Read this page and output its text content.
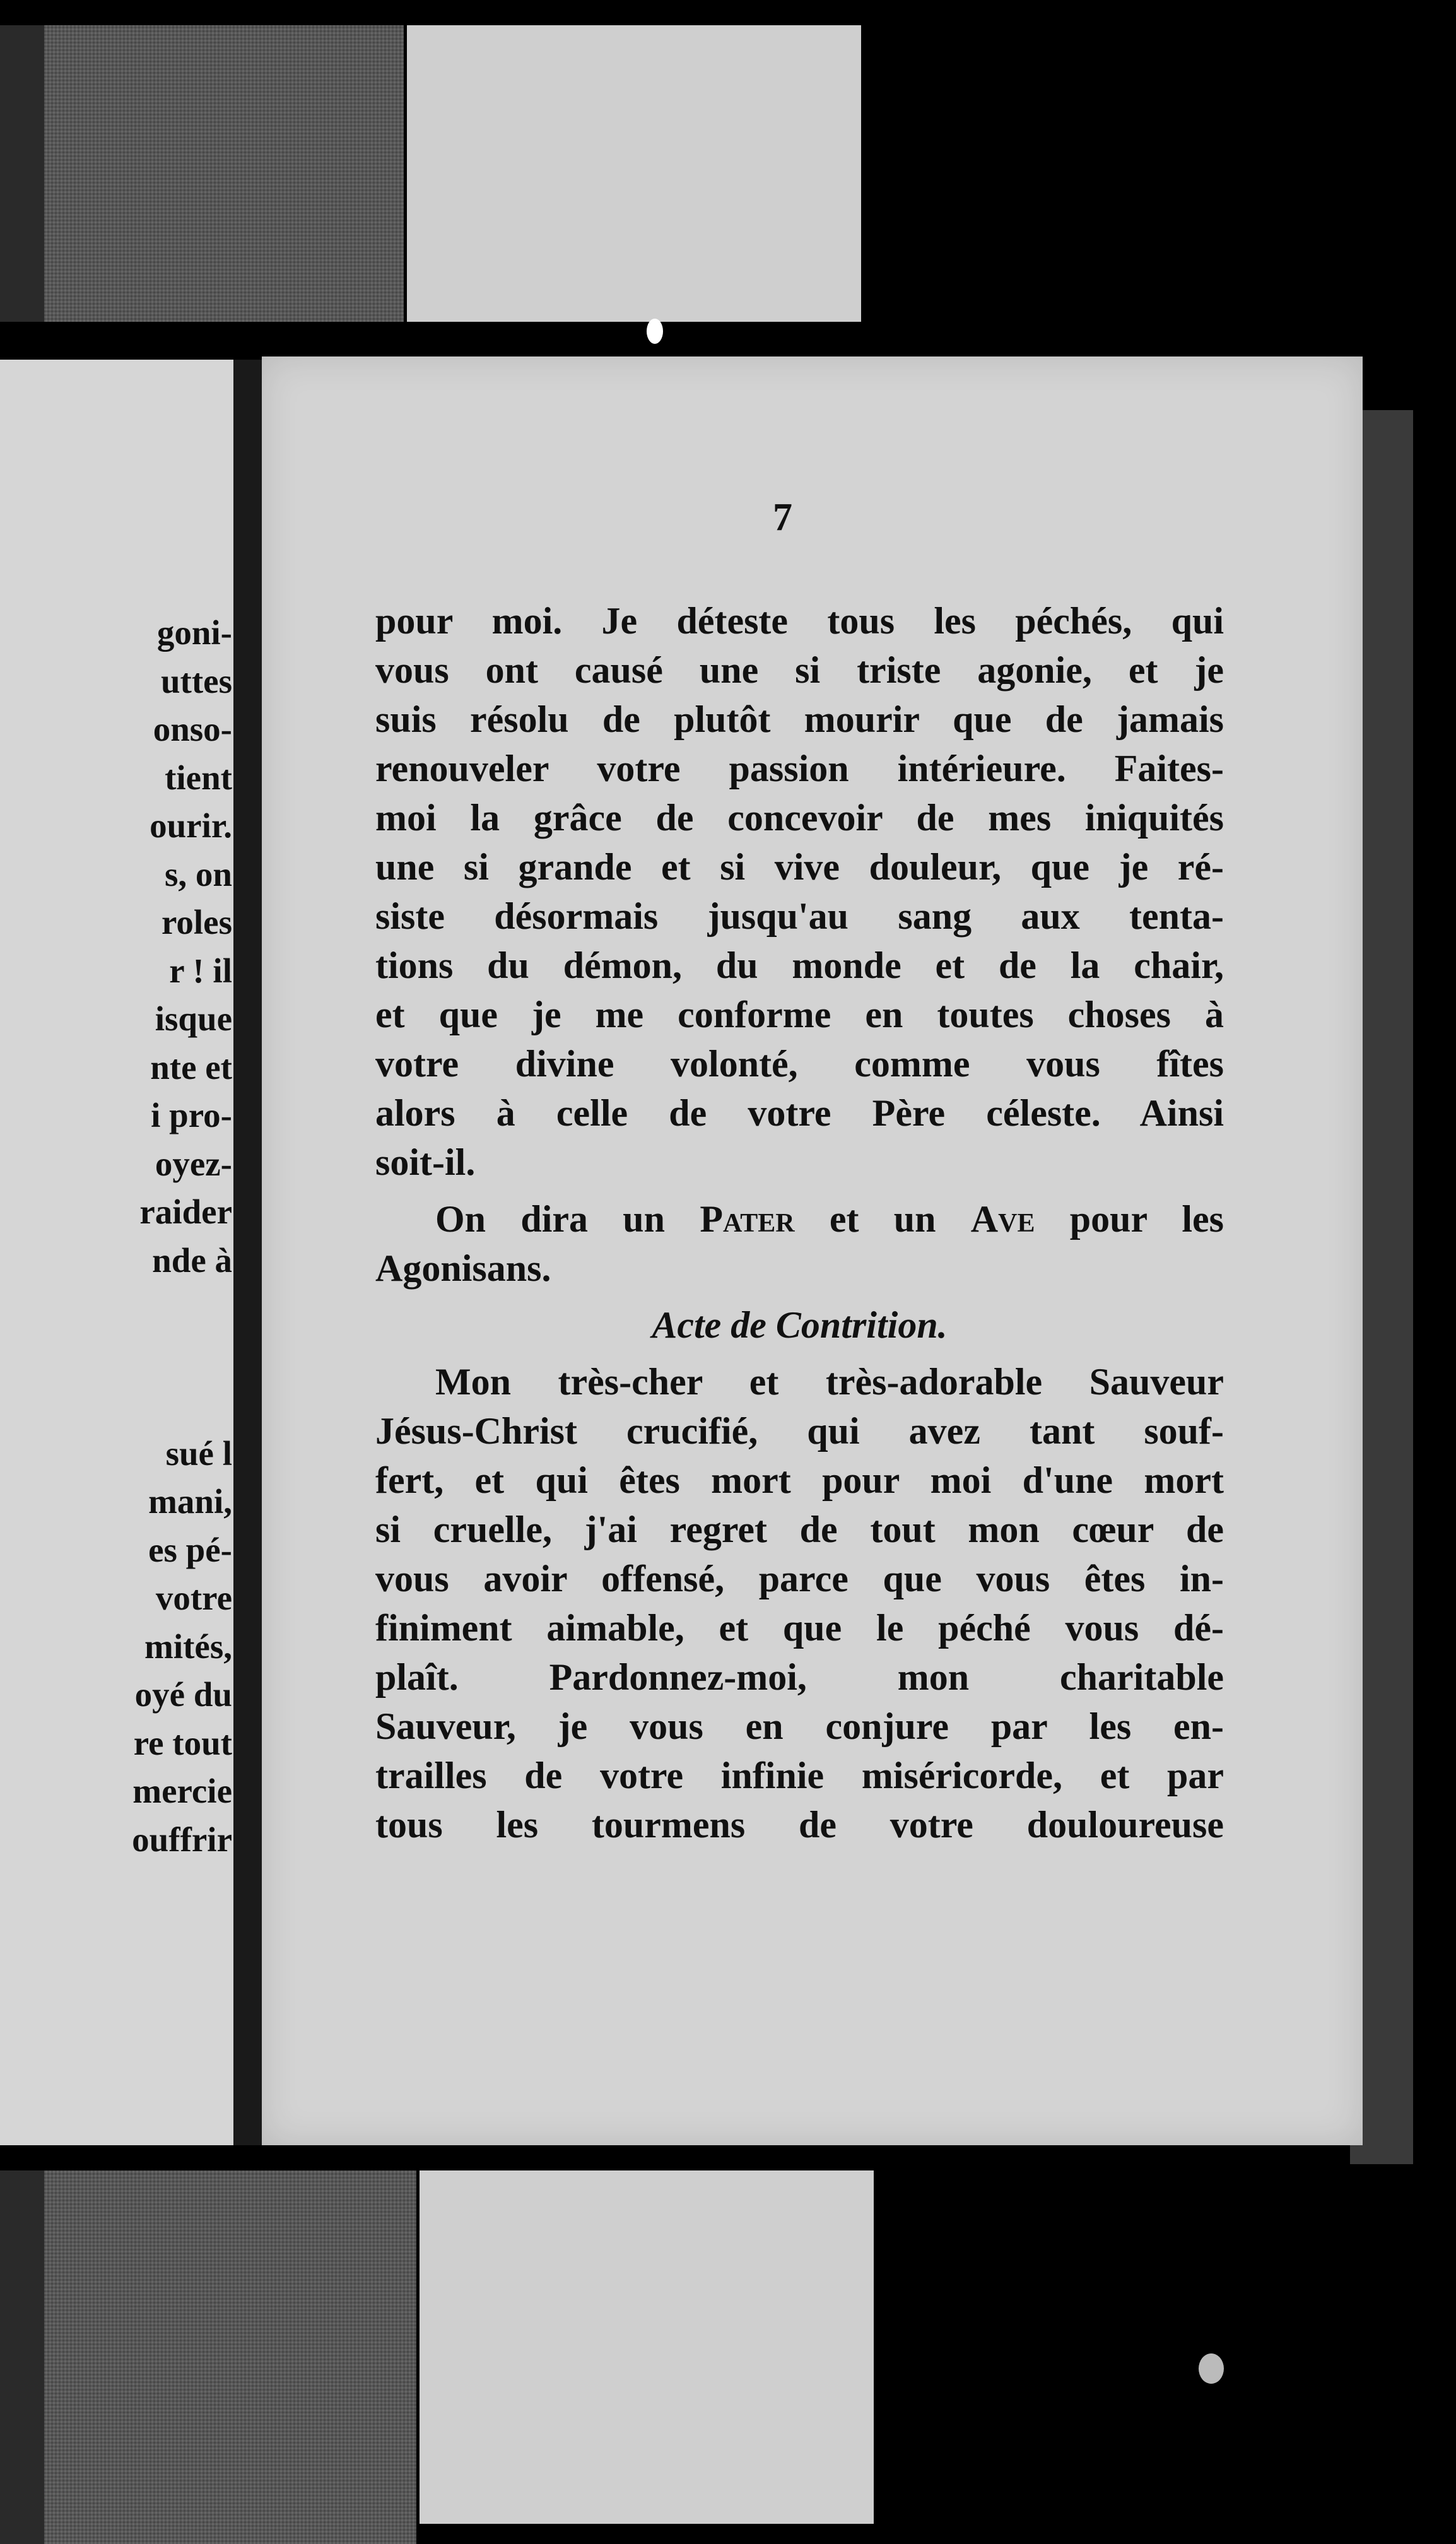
goni-
uttes
onso-
tient
ourir.
s, on
roles
r ! il
isque
nte et
i pro-
oyez-
raider
nde à
sué l
mani,
es pé-
votre
mités,
oyé du
re tout
mercie
ouffrir
7
pour moi. Je déteste tous les péchés, qui
vous ont causé une si triste agonie, et je
suis résolu de plutôt mourir que de jamais
renouveler votre passion intérieure. Faites-
moi la grâce de concevoir de mes iniquités
une si grande et si vive douleur, que je ré-
siste désormais jusqu'au sang aux tenta-
tions du démon, du monde et de la chair,
et que je me conforme en toutes choses à
votre divine volonté, comme vous fîtes
alors à celle de votre Père céleste. Ainsi
soit-il.
On dira un Pater et un Ave pour les
Agonisans.
Acte de Contrition.
Mon très-cher et très-adorable Sauveur
Jésus-Christ crucifié, qui avez tant souf-
fert, et qui êtes mort pour moi d'une mort
si cruelle, j'ai regret de tout mon cœur de
vous avoir offensé, parce que vous êtes in-
finiment aimable, et que le péché vous dé-
plaît. Pardonnez-moi, mon charitable
Sauveur, je vous en conjure par les en-
trailles de votre infinie miséricorde, et par
tous les tourmens de votre douloureuse
